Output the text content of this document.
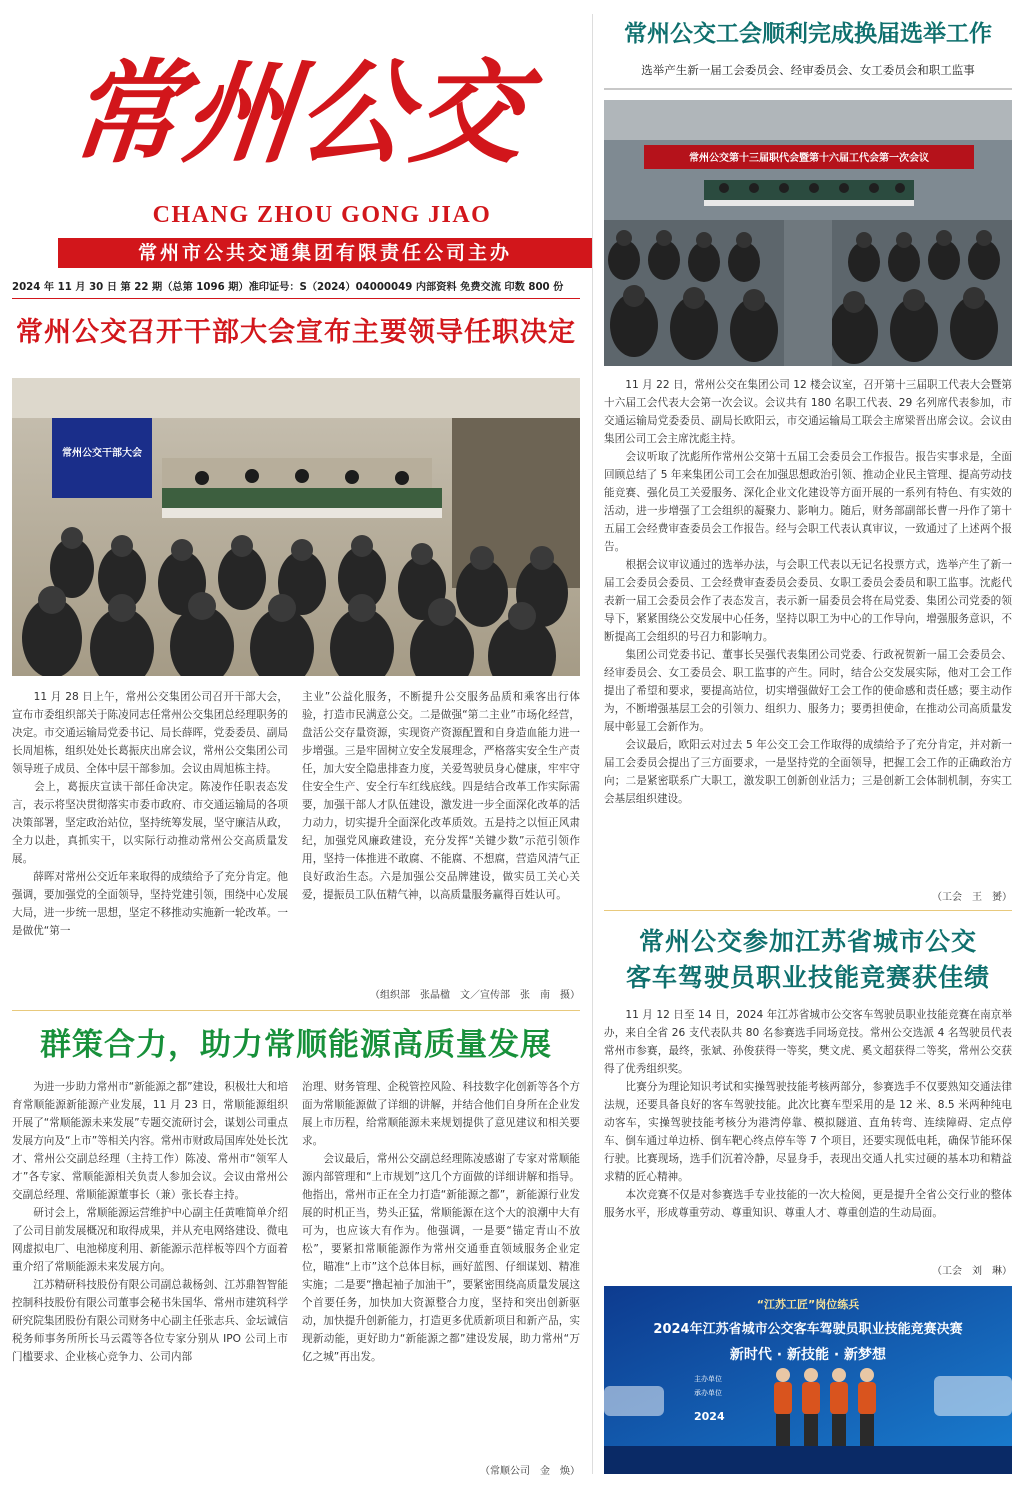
常州公交
CHANG ZHOU GONG JIAO
常州市公共交通集团有限责任公司主办
2024 年 11 月 30 日 第 22 期（总第 1096 期）准印证号：S（2024）04000049 内部资料 免费交流 印数 800 份
常州公交召开干部大会宣布主要领导任职决定
常州公交干部大会
　　11 月 28 日上午，常州公交集团公司召开干部大会，宣布市委组织部关于陈凌同志任常州公交集团总经理职务的决定。市交通运输局党委书记、局长薛晖，党委委员、副局长周旭栋，组织处处长葛振庆出席会议，常州公交集团公司领导班子成员、全体中层干部参加。会议由周旭栋主持。
　　会上，葛振庆宣读干部任命决定。陈凌作任职表态发言，表示将坚决贯彻落实市委市政府、市交通运输局的各项决策部署，坚定政治站位，坚持统筹发展，坚守廉洁从政，全力以赴，真抓实干，以实际行动推动常州公交高质量发展。
　　薛晖对常州公交近年来取得的成绩给予了充分肯定。他强调，要加强党的全面领导，坚持党建引领，围绕中心发展大局，进一步统一思想，坚定不移推动实施新一轮改革。一是做优“第一
主业”公益化服务，不断提升公交服务品质和乘客出行体验，打造市民满意公交。二是做强“第二主业”市场化经营，盘活公交存量资源，实现资产资源配置和自身造血能力进一步增强。三是牢固树立安全发展理念，严格落实安全生产责任，加大安全隐患排查力度，关爱驾驶员身心健康，牢牢守住安全生产、安全行车红线底线。四是结合改革工作实际需要，加强干部人才队伍建设，激发进一步全面深化改革的活力动力，切实提升全面深化改革质效。五是持之以恒正风肃纪，加强党风廉政建设，充分发挥“关键少数”示范引领作用，坚持一体推进不敢腐、不能腐、不想腐，营造风清气正良好政治生态。六是加强公交品牌建设，做实员工关心关爱，提振员工队伍精气神，以高质量服务赢得百姓认可。
（组织部　张晶楹　文／宣传部　张　南　摄）
群策合力，助力常顺能源高质量发展
　　为进一步助力常州市“新能源之都”建设，积极壮大和培育常顺能源新能源产业发展，11 月 23 日，常顺能源组织开展了“常顺能源未来发展”专题交流研讨会，谋划公司重点发展方向及“上市”等相关内容。常州市财政局国库处处长沈才、常州公交副总经理（主持工作）陈凌、常州市“领军人才”各专家、常顺能源相关负责人参加会议。会议由常州公交副总经理、常顺能源董事长（兼）张长春主持。
　　研讨会上，常顺能源运营维护中心副主任黄唯简单介绍了公司目前发展概况和取得成果，并从充电网络建设、微电网虚拟电厂、电池梯度利用、新能源示范样板等四个方面着重介绍了常顺能源未来发展方向。
　　江苏精研科技股份有限公司副总裁杨剑、江苏鼎智智能控制科技股份有限公司董事会秘书朱国华、常州市建筑科学研究院集团股份有限公司财务中心副主任张志兵、金坛诚信税务师事务所所长马云霞等各位专家分别从 IPO 公司上市门槛要求、企业核心竞争力、公司内部
治理、财务管理、企税管控风险、科技数字化创新等各个方面为常顺能源做了详细的讲解，并结合他们自身所在企业发展上市历程，给常顺能源未来规划提供了意见建议和相关要求。
　　会议最后，常州公交副总经理陈凌感谢了专家对常顺能源内部管理和“上市规划”这几个方面做的详细讲解和指导。他指出，常州市正在全力打造“新能源之都”，新能源行业发展的时机正当，势头正猛，常顺能源在这个大的浪潮中大有可为，也应该大有作为。他强调，一是要“锚定青山不放松”，要紧扣常顺能源作为常州交通垂直领域服务企业定位，瞄准“上市”这个总体目标，画好蓝图、仔细谋划、精准实施；二是要“撸起袖子加油干”，要紧密围绕高质量发展这个首要任务，加快加大资源整合力度，坚持和突出创新驱动，加快提升创新能力，打造更多优质新项目和新产品，实现新动能，更好助力“新能源之都”建设发展，助力常州“万亿之城”再出发。
（常顺公司　金　焕）
常州公交工会顺利完成换届选举工作
选举产生新一届工会委员会、经审委员会、女工委员会和职工监事
常州公交第十三届职代会暨第十六届工代会第一次会议
　　11 月 22 日，常州公交在集团公司 12 楼会议室，召开第十三届职工代表大会暨第十六届工会代表大会第一次会议。会议共有 180 名职工代表、29 名列席代表参加，市交通运输局党委委员、副局长欧阳云，市交通运输局工联会主席梁晋出席会议。会议由集团公司工会主席沈彪主持。
　　会议听取了沈彪所作常州公交第十五届工会委员会工作报告。报告实事求是，全面回顾总结了 5 年来集团公司工会在加强思想政治引领、推动企业民主管理、提高劳动技能竞赛、强化员工关爱服务、深化企业文化建设等方面开展的一系列有特色、有实效的活动，进一步增强了工会组织的凝聚力、影响力。随后，财务部副部长曹一丹作了第十五届工会经费审查委员会工作报告。经与会职工代表认真审议，一致通过了上述两个报告。
　　根据会议审议通过的选举办法，与会职工代表以无记名投票方式，选举产生了新一届工会委员会委员、工会经费审查委员会委员、女职工委员会委员和职工监事。沈彪代表新一届工会委员会作了表态发言，表示新一届委员会将在局党委、集团公司党委的领导下，紧紧围绕公交发展中心任务，坚持以职工为中心的工作导向，增强服务意识，不断提高工会组织的号召力和影响力。
　　集团公司党委书记、董事长吴强代表集团公司党委、行政祝贺新一届工会委员会、经审委员会、女工委员会、职工监事的产生。同时，结合公交发展实际，他对工会工作提出了希望和要求，要提高站位，切实增强做好工会工作的使命感和责任感；要主动作为，不断增强基层工会的引领力、组织力、服务力；要勇担使命，在推动公司高质量发展中彰显工会新作为。
　　会议最后，欧阳云对过去 5 年公交工会工作取得的成绩给予了充分肯定，并对新一届工会委员会提出了三方面要求，一是坚持党的全面领导，把握工会工作的正确政治方向；二是紧密联系广大职工，激发职工创新创业活力；三是创新工会体制机制，夯实工会基层组织建设。
（工会　王　赟）
常州公交参加江苏省城市公交
客车驾驶员职业技能竞赛获佳绩
　　11 月 12 日至 14 日，2024 年江苏省城市公交客车驾驶员职业技能竞赛在南京举办，来自全省 26 支代表队共 80 名参赛选手同场竞技。常州公交选派 4 名驾驶员代表常州市参赛，最终，张斌、孙俊获得一等奖，樊文虎、奚文超获得二等奖，常州公交获得了优秀组织奖。
　　比赛分为理论知识考试和实操驾驶技能考核两部分，参赛选手不仅要熟知交通法律法规，还要具备良好的客车驾驶技能。此次比赛车型采用的是 12 米、8.5 米两种纯电动客车，实操驾驶技能考核分为港湾停靠、模拟隧道、直角转弯、连续障碍、定点停车、倒车通过单边桥、倒车靶心终点停车等 7 个项目，还要实现低电耗，确保节能环保行驶。比赛现场，选手们沉着冷静，尽显身手，表现出交通人扎实过硬的基本功和精益求精的匠心精神。
　　本次竞赛不仅是对参赛选手专业技能的一次大检阅，更是提升全省公交行业的整体服务水平，形成尊重劳动、尊重知识、尊重人才、尊重创造的生动局面。
（工会　刘　琳）
“江苏工匠”岗位练兵
2024年江苏省城市公交客车驾驶员职业技能竞赛决赛
新时代 · 新技能 · 新梦想
主办单位
承办单位
2024
